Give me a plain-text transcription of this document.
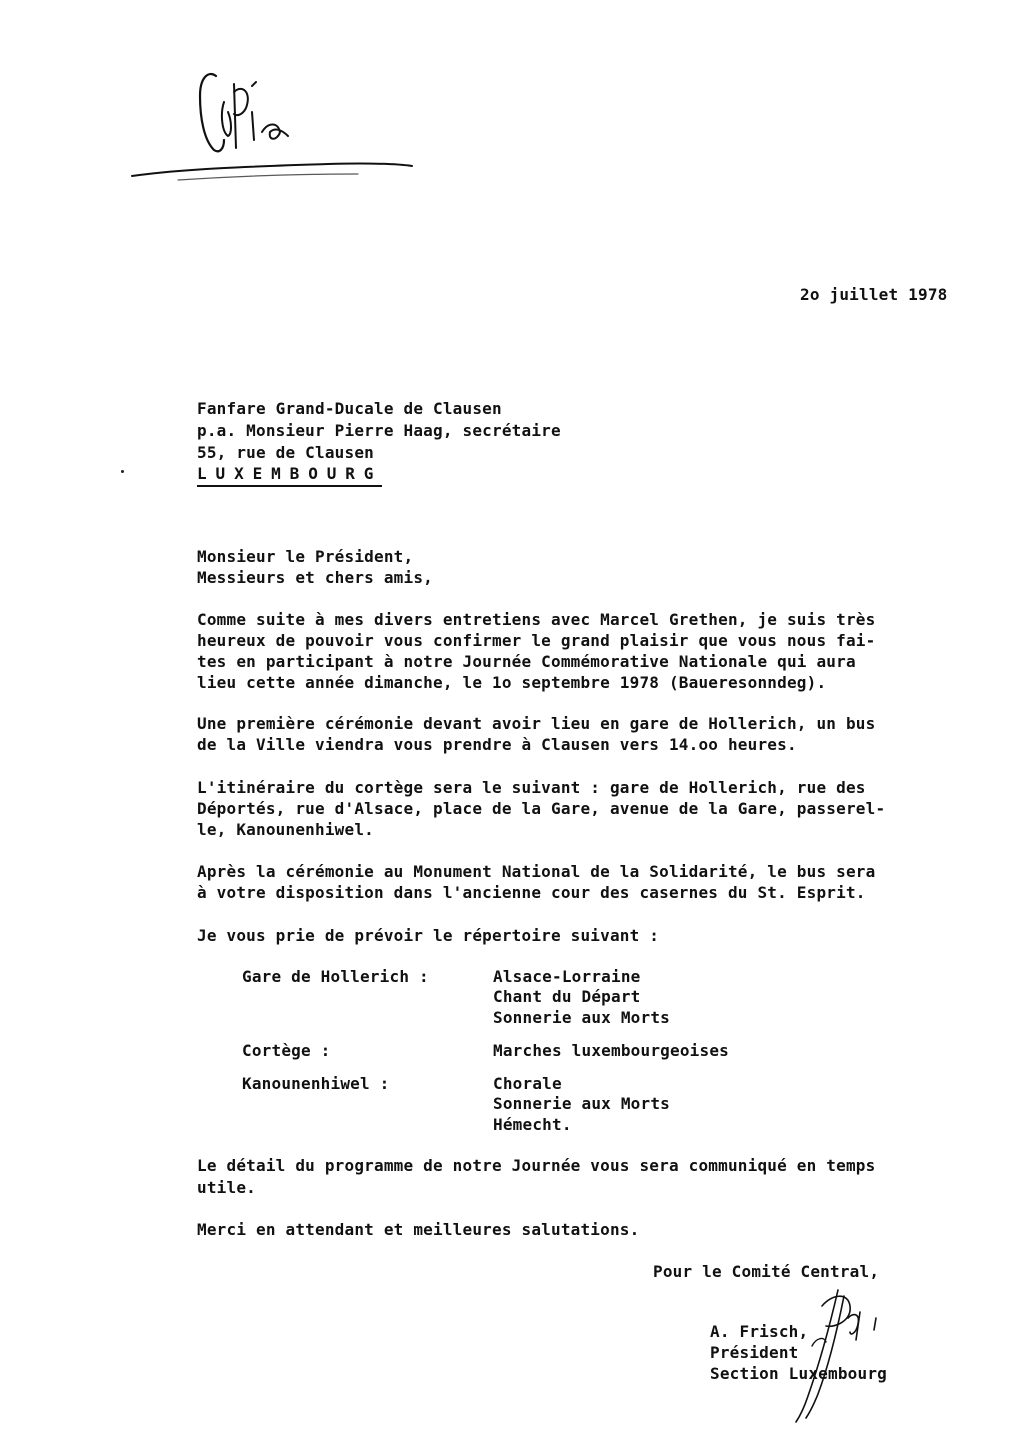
2o juillet 1978
Fanfare Grand-Ducale de Clausen
p.a. Monsieur Pierre Haag, secrétaire
55, rue de Clausen
LUXEMBOURG
Monsieur le Président,
Messieurs et chers amis,
Comme suite à mes divers entretiens avec Marcel Grethen, je suis très
heureux de pouvoir vous confirmer le grand plaisir que vous nous fai-
tes en participant à notre Journée Commémorative Nationale qui aura
lieu cette année dimanche, le 1o septembre 1978 (Baueresonndeg).
Une première cérémonie devant avoir lieu en gare de Hollerich, un bus
de la Ville viendra vous prendre à Clausen vers 14.oo heures.
L'itinéraire du cortège sera le suivant : gare de Hollerich, rue des
Déportés, rue d'Alsace, place de la Gare, avenue de la Gare, passerel-
le, Kanounenhiwel.
Après la cérémonie au Monument National de la Solidarité, le bus sera
à votre disposition dans l'ancienne cour des casernes du St. Esprit.
Je vous prie de prévoir le répertoire suivant :
Gare de Hollerich :	Alsace-Lorraine
Chant du Départ
Sonnerie aux Morts
Cortège :	Marches luxembourgeoises
Kanounenhiwel :	Chorale
Sonnerie aux Morts
Hémecht.
Le détail du programme de notre Journée vous sera communiqué en temps
utile.
Merci en attendant et meilleures salutations.
Pour le Comité Central,
A. Frisch,
Président
Section Luxembourg
